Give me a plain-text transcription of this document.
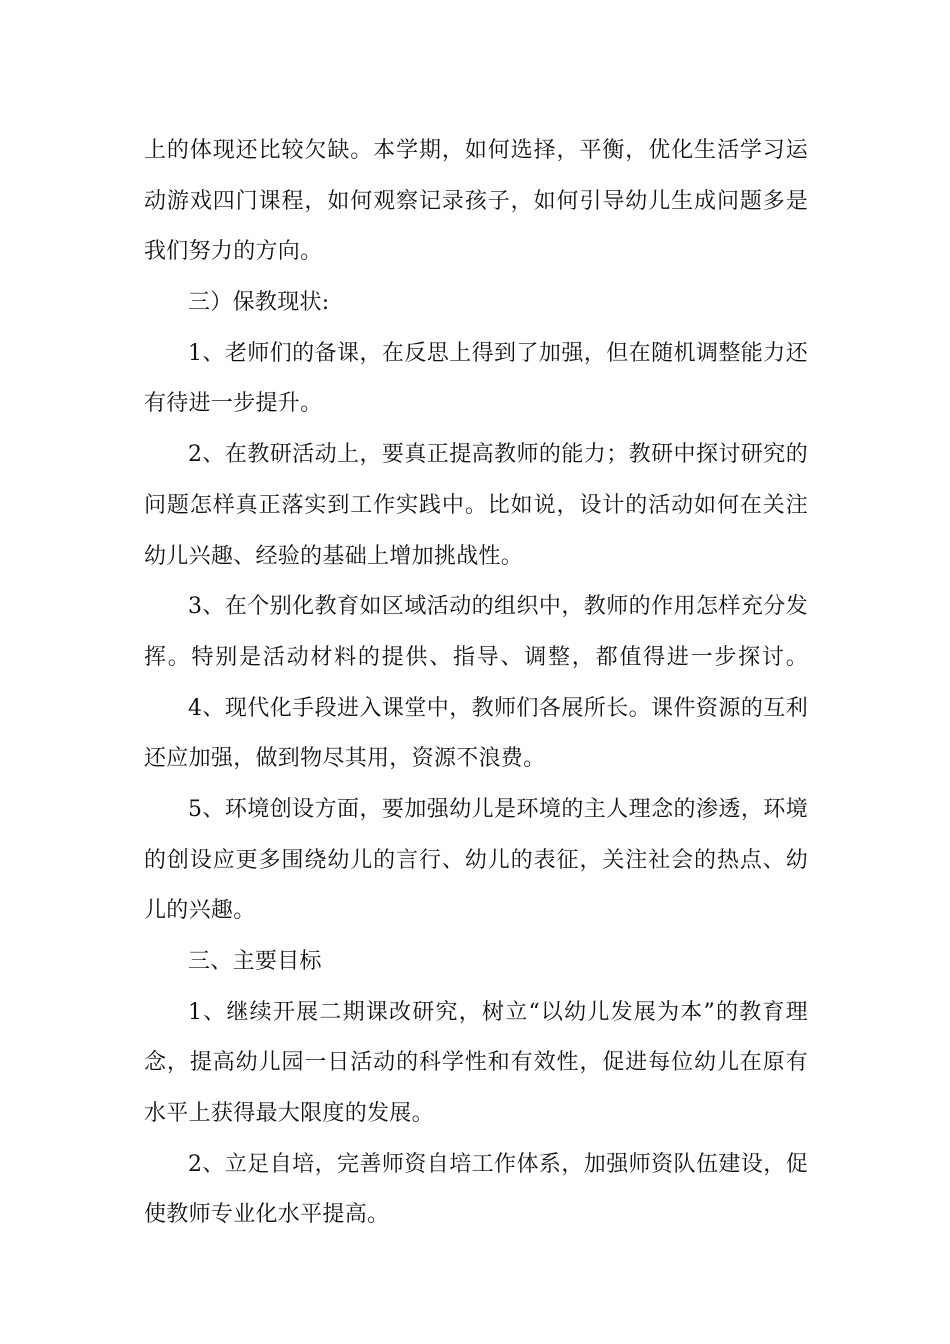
上的体现还比较欠缺。本学期，如何选择，平衡，优化生活学习运

动游戏四门课程，如何观察记录孩子，如何引导幼儿生成问题多是

我们努力的方向。

三）保教现状:

1、老师们的备课，在反思上得到了加强，但在随机调整能力还

有待进一步提升。

2、在教研活动上，要真正提高教师的能力；教研中探讨研究的

问题怎样真正落实到工作实践中。比如说，设计的活动如何在关注

幼儿兴趣、经验的基础上增加挑战性。

3、在个别化教育如区域活动的组织中，教师的作用怎样充分发

挥。特别是活动材料的提供、指导、调整，都值得进一步探讨。

4、现代化手段进入课堂中，教师们各展所长。课件资源的互利

还应加强，做到物尽其用，资源不浪费。

5、环境创设方面，要加强幼儿是环境的主人理念的渗透，环境

的创设应更多围绕幼儿的言行、幼儿的表征，关注社会的热点、幼

儿的兴趣。

三、主要目标

1、继续开展二期课改研究，树立“以幼儿发展为本”的教育理

念，提高幼儿园一日活动的科学性和有效性，促进每位幼儿在原有

水平上获得最大限度的发展。

2、立足自培，完善师资自培工作体系，加强师资队伍建设，促

使教师专业化水平提高。
